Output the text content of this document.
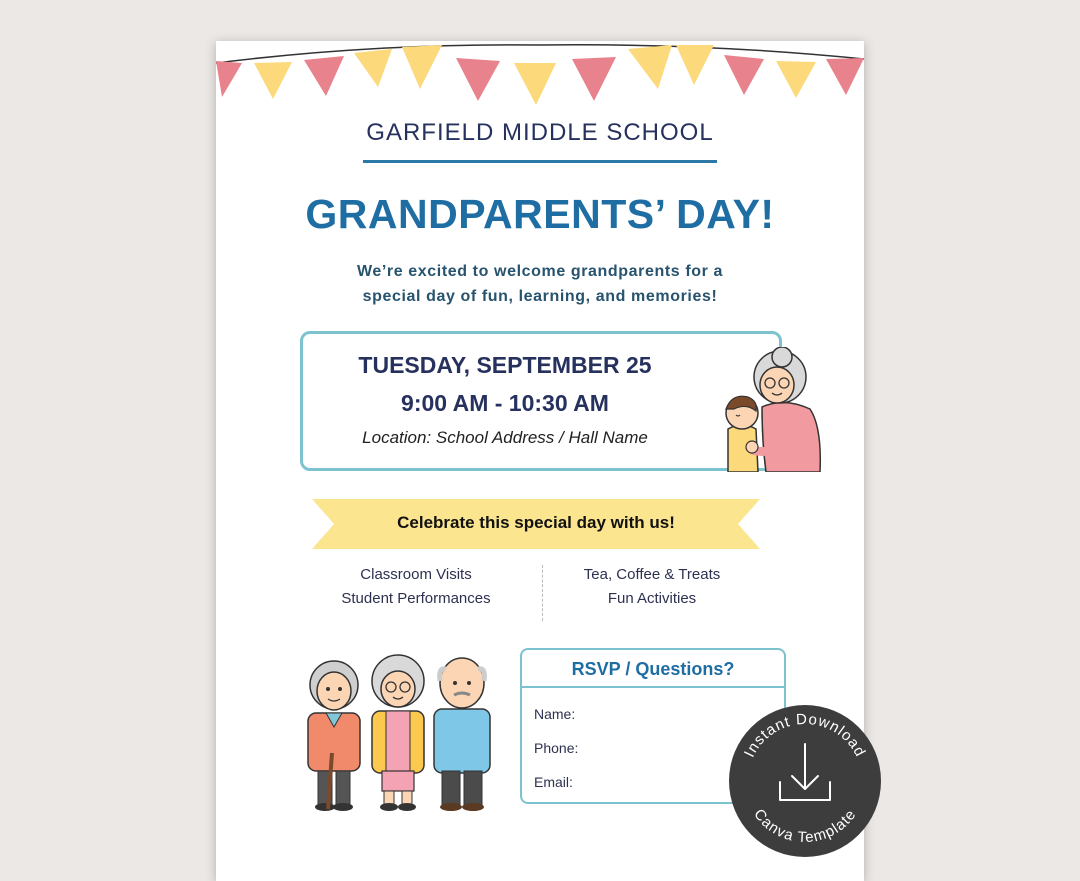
GARFIELD MIDDLE SCHOOL
GRANDPARENTS’ DAY!
We’re excited to welcome grandparents for a
special day of fun, learning, and memories!
TUESDAY, SEPTEMBER 25
9:00 AM - 10:30 AM
Location: School Address / Hall Name
Celebrate this special day with us!
Classroom Visits
Student Performances
Tea, Coffee & Treats
Fun Activities
RSVP / Questions?
Name:
Phone:
Email:
Instant Download
Canva Template
